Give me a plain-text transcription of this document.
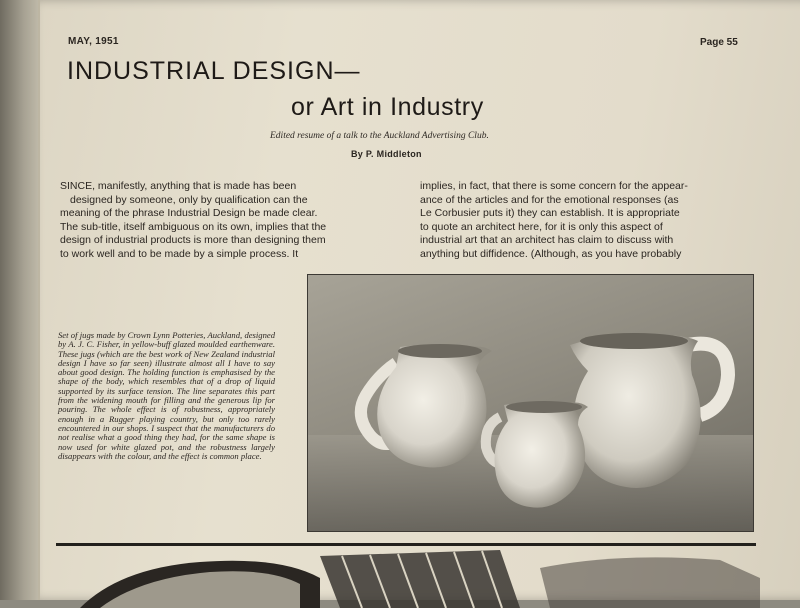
MAY, 1951	Page 55
INDUSTRIAL DESIGN—
or Art in Industry
Edited resume of a talk to the Auckland Advertising Club.
By P. Middleton
SINCE, manifestly, anything that is made has been
designed by someone, only by qualification can the
meaning of the phrase Industrial Design be made clear.
The sub-title, itself ambiguous on its own, implies that the
design of industrial products is more than designing them
to work well and to be made by a simple process. It
implies, in fact, that there is some concern for the appear-
ance of the articles and for the emotional responses (as
Le Corbusier puts it) they can establish. It is appropriate
to quote an architect here, for it is only this aspect of
industrial art that an architect has claim to discuss with
anything but diffidence. (Although, as you have probably
Set of jugs made by Crown Lynn Potteries, Auckland, designed by A. J. C. Fisher, in yellow-buff glazed moulded earthenware. These jugs (which are the best work of New Zealand industrial design I have so far seen) illustrate almost all I have to say about good design. The holding function is emphasised by the shape of the body, which resembles that of a drop of liquid supported by its surface tension. The line separates this part from the widening mouth for filling and the generous lip for pouring. The whole effect is of robustness, appropriately enough in a Rugger playing country, but only too rarely encountered in our shops. I suspect that the manufacturers do not realise what a good thing they had, for the same shape is now used for white glazed pot, and the robustness largely disappears with the colour, and the effect is common place.
